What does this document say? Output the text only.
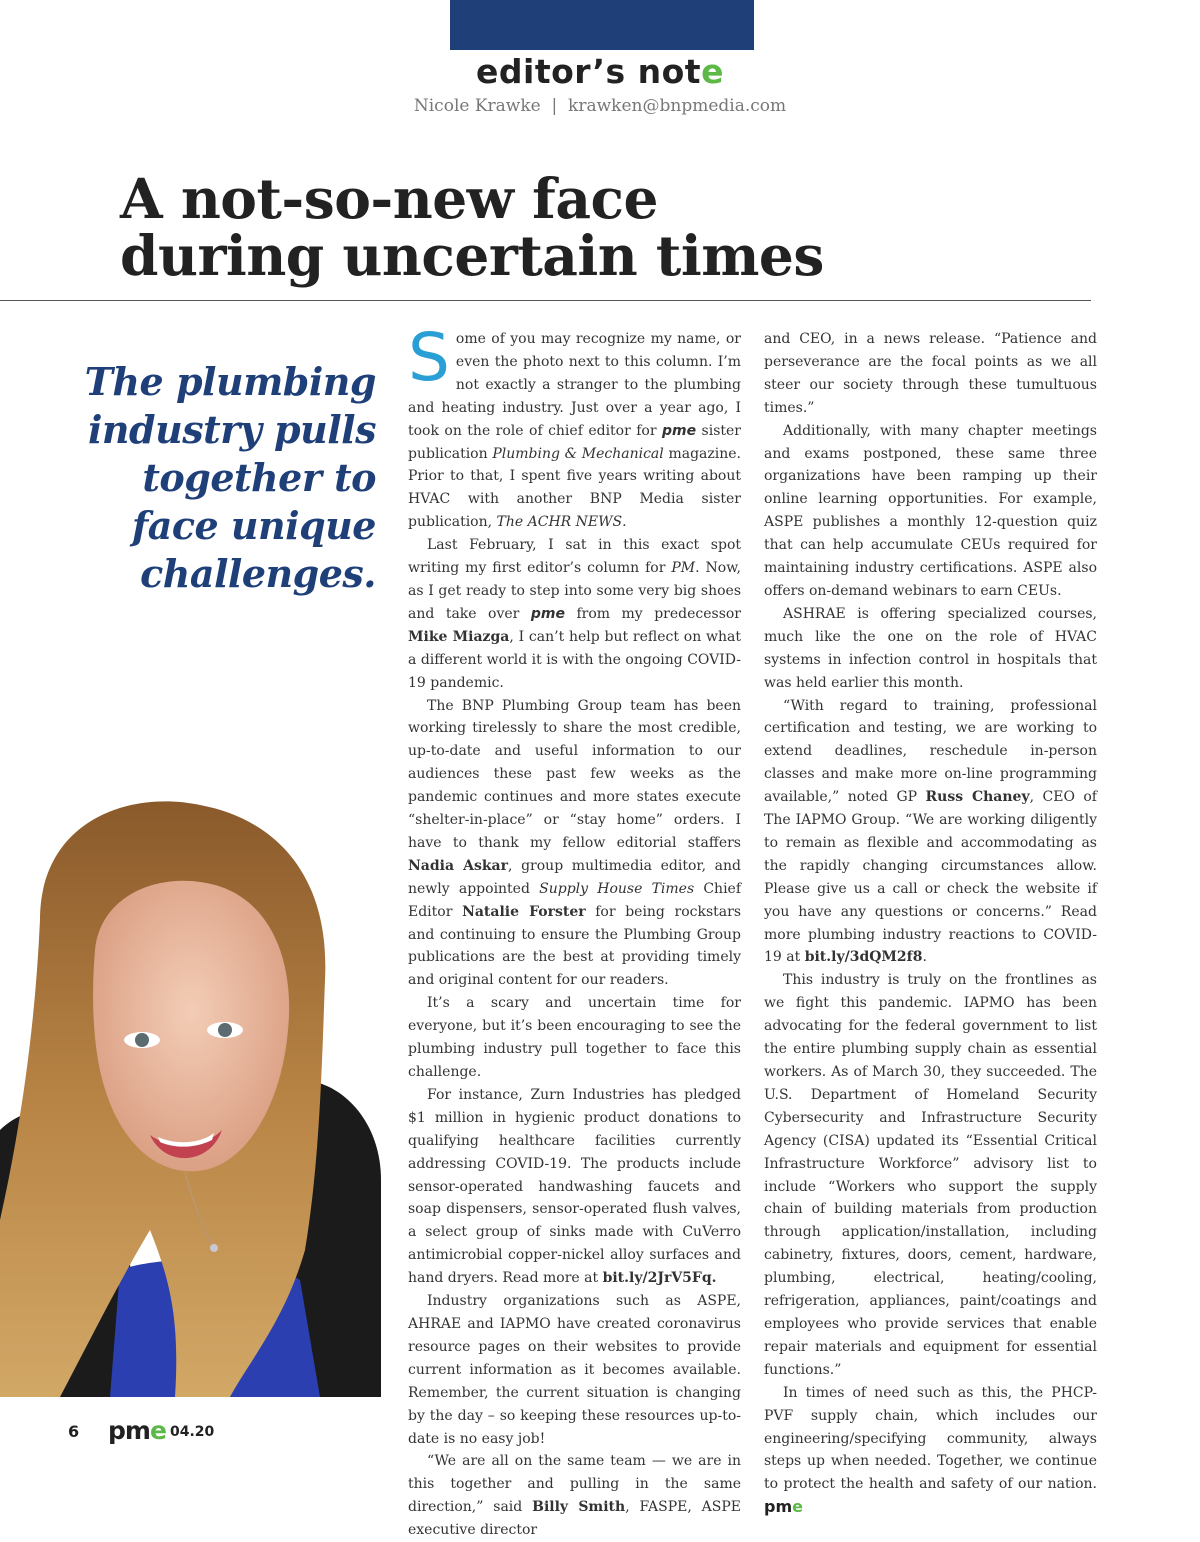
editor’s note
Nicole Krawke  |  krawken@bnpmedia.com
A not-so-new face
during uncertain times

The plumbing
industry pulls
together to
face unique
challenges.

Some of you may recognize my name, or even the photo next to this column. I’m not exactly a stranger to the plumbing and heating industry. Just over a year ago, I took on the role of chief editor for pme sister publication Plumbing & Mechanical magazine. Prior to that, I spent five years writing about HVAC with another BNP Media sister publication, The ACHR NEWS.

Last February, I sat in this exact spot writing my first editor’s column for PM. Now, as I get ready to step into some very big shoes and take over pme from my predecessor Mike Miazga, I can’t help but reflect on what a different world it is with the ongoing COVID-19 pandemic.

The BNP Plumbing Group team has been working tirelessly to share the most credible, up-to-date and useful information to our audiences these past few weeks as the pandemic continues and more states execute “shelter-in-place” or “stay home” orders. I have to thank my fellow editorial staffers Nadia Askar, group multimedia editor, and newly appointed Supply House Times Chief Editor Natalie Forster for being rockstars and continuing to ensure the Plumbing Group publications are the best at providing timely and original content for our readers.

It’s a scary and uncertain time for everyone, but it’s been encouraging to see the plumbing industry pull together to face this challenge.

For instance, Zurn Industries has pledged $1 million in hygienic product donations to qualifying healthcare facilities currently addressing COVID-19. The products include sensor-operated handwashing faucets and soap dispensers, sensor-operated flush valves, a select group of sinks made with CuVerro antimicrobial copper-nickel alloy surfaces and hand dryers. Read more at bit.ly/2JrV5Fq.

Industry organizations such as ASPE, AHRAE and IAPMO have created coronavirus resource pages on their websites to provide current information as it becomes available. Remember, the current situation is changing by the day – so keeping these resources up-to-date is no easy job!

“We are all on the same team — we are in this together and pulling in the same direction,” said Billy Smith, FASPE, ASPE executive director

and CEO, in a news release. “Patience and perseverance are the focal points as we all steer our society through these tumultuous times.”

Additionally, with many chapter meetings and exams postponed, these same three organizations have been ramping up their online learning opportunities. For example, ASPE publishes a monthly 12-question quiz that can help accumulate CEUs required for maintaining industry certifications. ASPE also offers on-demand webinars to earn CEUs.

ASHRAE is offering specialized courses, much like the one on the role of HVAC systems in infection control in hospitals that was held earlier this month.

“With regard to training, professional certification and testing, we are working to extend deadlines, reschedule in-person classes and make more on-line programming available,” noted GP Russ Chaney, CEO of The IAPMO Group. “We are working diligently to remain as flexible and accommodating as the rapidly changing circumstances allow. Please give us a call or check the website if you have any questions or concerns.” Read more plumbing industry reactions to COVID-19 at bit.ly/3dQM2f8.

This industry is truly on the frontlines as we fight this pandemic. IAPMO has been advocating for the federal government to list the entire plumbing supply chain as essential workers. As of March 30, they succeeded. The U.S. Department of Homeland Security Cybersecurity and Infrastructure Security Agency (CISA) updated its “Essential Critical Infrastructure Workforce” advisory list to include “Workers who support the supply chain of building materials from production through application/installation, including cabinetry, fixtures, doors, cement, hardware, plumbing, electrical, heating/cooling, refrigeration, appliances, paint/coatings and employees who provide services that enable repair materials and equipment for essential functions.”

In times of need such as this, the PHCP-PVF supply chain, which includes our engineering/specifying community, always steps up when needed. Together, we continue to protect the health and safety of our nation. pme

6 pme 04.20
